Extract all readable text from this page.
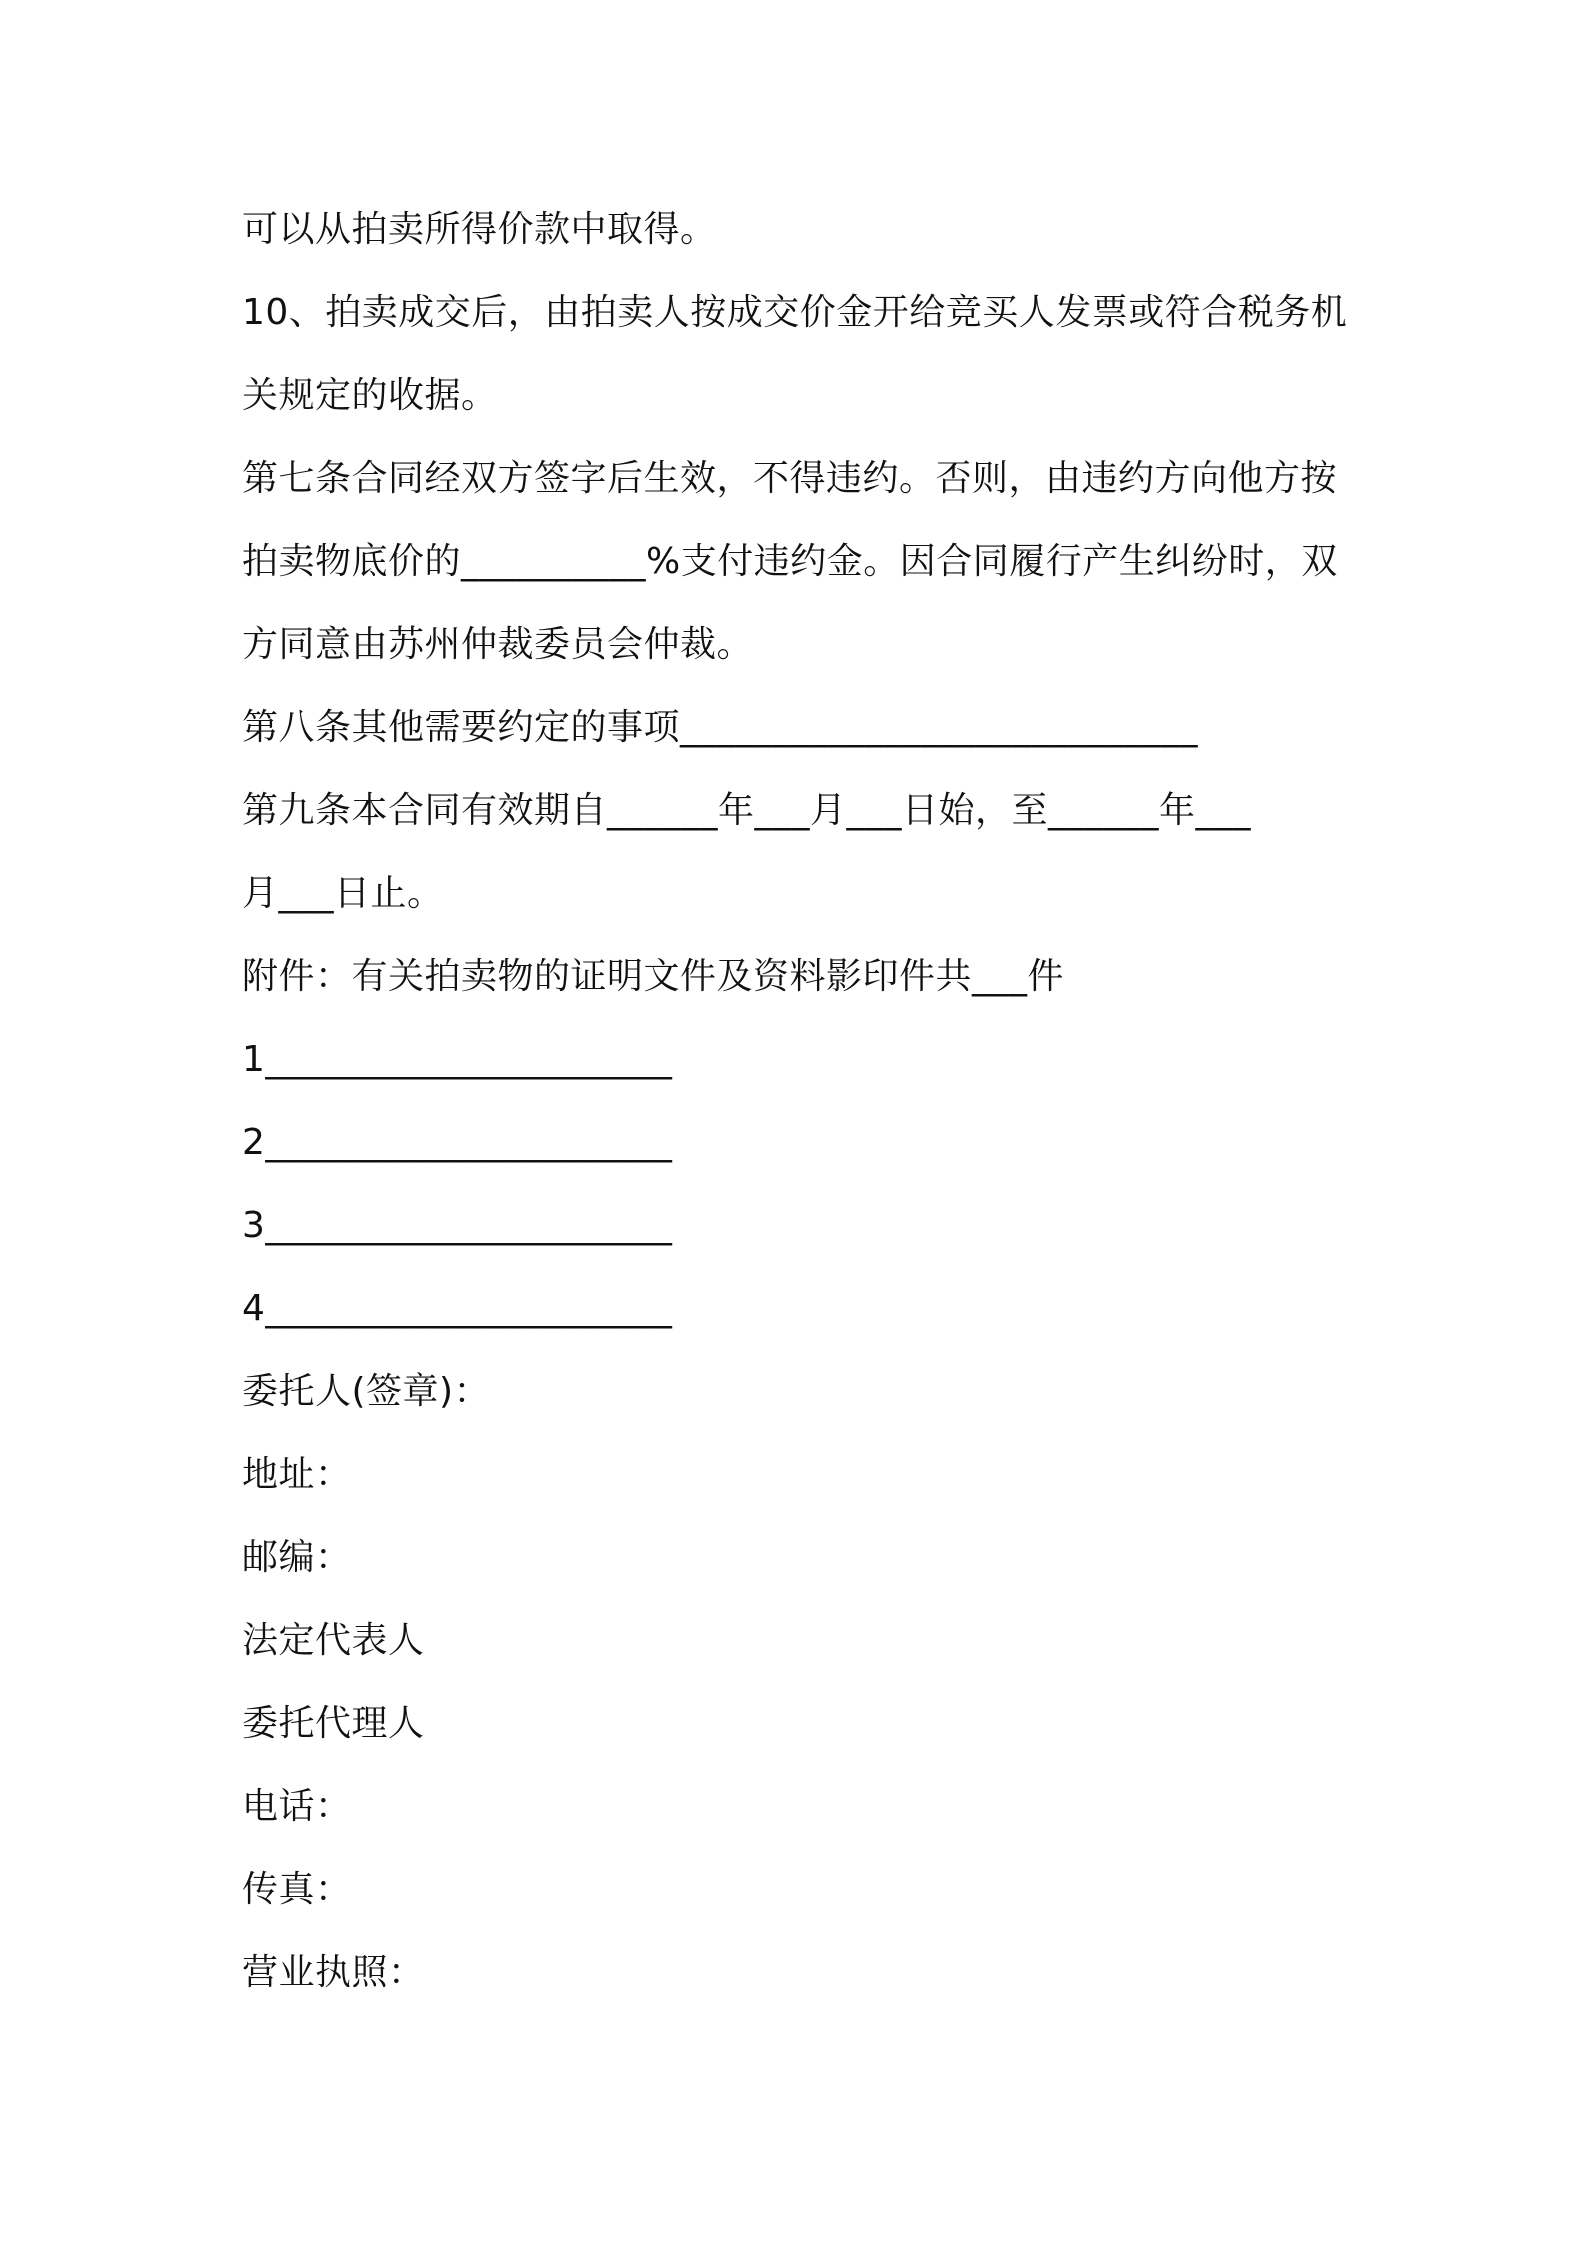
可以从拍卖所得价款中取得。
10、拍卖成交后，由拍卖人按成交价金开给竞买人发票或符合税务机
关规定的收据。
第七条合同经双方签字后生效，不得违约。否则，由违约方向他方按
拍卖物底价的__________%支付违约金。因合同履行产生纠纷时，双
方同意由苏州仲裁委员会仲裁。
第八条其他需要约定的事项____________________________
第九条本合同有效期自______年___月___日始，至______年___
月___日止。
附件：有关拍卖物的证明文件及资料影印件共___件
1______________________
2______________________
3______________________
4______________________
委托人(签章)：
地址：
邮编：
法定代表人
委托代理人
电话：
传真：
营业执照：
